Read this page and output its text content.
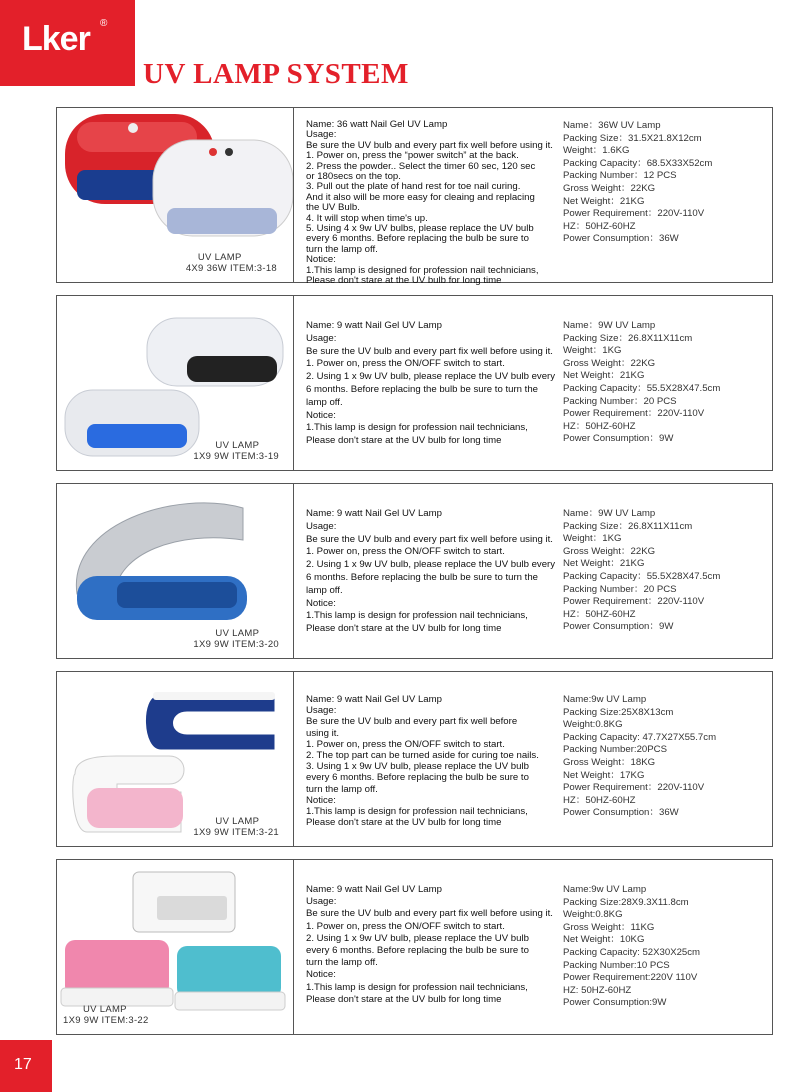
Lker ®
UV LAMP SYSTEM
UV LAMP
4X9 36W ITEM:3-18
Name: 36 watt Nail Gel UV Lamp
Usage:
Be sure the UV bulb and every part fix well before using it.
1. Power on, press the “power switch” at the back.
2. Press the powder.. Select the timer 60 sec, 120 sec
or 180secs on the top.
3. Pull out the plate of hand rest for toe nail curing.
And it also will be more easy for cleaing and replacing
the UV Bulb.
4. It will stop when time's up.
5. Using 4 x 9w UV bulbs, please replace the UV bulb
every 6 months. Before replacing the bulb be sure to
turn the lamp off.
Notice:
1.This lamp is designed for profession nail technicians,
Please don't stare at the UV bulb for long time
Name：36W UV Lamp
Packing Size：31.5X21.8X12cm
Weight：1.6KG
Packing Capacity：68.5X33X52cm
Packing Number：12 PCS
Gross Weight：22KG
Net Weight：21KG
Power Requirement：220V-110V
HZ：50HZ-60HZ
Power Consumption：36W
UV LAMP
1X9 9W ITEM:3-19
Name: 9 watt Nail Gel UV Lamp
Usage:
Be sure the UV bulb and every part fix well before using it.
1. Power on, press the ON/OFF switch to start.
2. Using 1 x 9w UV bulb, please replace the UV bulb every
6 months. Before replacing the bulb be sure to turn the
lamp off.
Notice:
1.This lamp is design for profession nail technicians,
Please don't stare at the UV bulb for long time
Name：9W UV Lamp
Packing Size：26.8X11X11cm
Weight：1KG
Gross Weight：22KG
Net Weight：21KG
Packing Capacity：55.5X28X47.5cm
Packing Number：20 PCS
Power Requirement：220V-110V
HZ：50HZ-60HZ
Power Consumption：9W
UV LAMP
1X9 9W ITEM:3-20
Name: 9 watt Nail Gel UV Lamp
Usage:
Be sure the UV bulb and every part fix well before using it.
1. Power on, press the ON/OFF switch to start.
2. Using 1 x 9w UV bulb, please replace the UV bulb every
6 months. Before replacing the bulb be sure to turn the
lamp off.
Notice:
1.This lamp is design for profession nail technicians,
Please don't stare at the UV bulb for long time
Name：9W UV Lamp
Packing Size：26.8X11X11cm
Weight：1KG
Gross Weight：22KG
Net Weight：21KG
Packing Capacity：55.5X28X47.5cm
Packing Number：20 PCS
Power Requirement：220V-110V
HZ：50HZ-60HZ
Power Consumption：9W
UV LAMP
1X9 9W ITEM:3-21
Name: 9 watt Nail Gel UV Lamp
Usage:
Be sure the UV bulb and every part fix well before
using it.
1. Power on, press the ON/OFF switch to start.
2. The top part can be turned aside for curing toe nails.
3. Using 1 x 9w UV bulb, please replace the UV bulb
every 6 months. Before replacing the bulb be sure to
turn the lamp off.
Notice:
1.This lamp is design for profession nail technicians,
Please don't stare at the UV bulb for long time
Name:9w UV Lamp
Packing Size:25X8X13cm
Weight:0.8KG
Packing Capacity: 47.7X27X55.7cm
Packing Number:20PCS
Gross Weight：18KG
Net Weight：17KG
Power Requirement：220V-110V
HZ：50HZ-60HZ
Power Consumption：36W
UV LAMP
1X9 9W ITEM:3-22
Name: 9 watt Nail Gel UV Lamp
Usage:
Be sure the UV bulb and every part fix well before using it.
1. Power on, press the ON/OFF switch to start.
2. Using 1 x 9w UV bulb, please replace the UV bulb
every 6 months. Before replacing the bulb be sure to
turn the lamp off.
Notice:
1.This lamp is design for profession nail technicians,
Please don't stare at the UV bulb for long time
Name:9w UV Lamp
Packing Size:28X9.3X11.8cm
Weight:0.8KG
Gross Weight：11KG
Net Weight：10KG
Packing Capacity: 52X30X25cm
Packing Number:10 PCS
Power Requirement:220V 110V
HZ: 50HZ-60HZ
Power Consumption:9W
17
